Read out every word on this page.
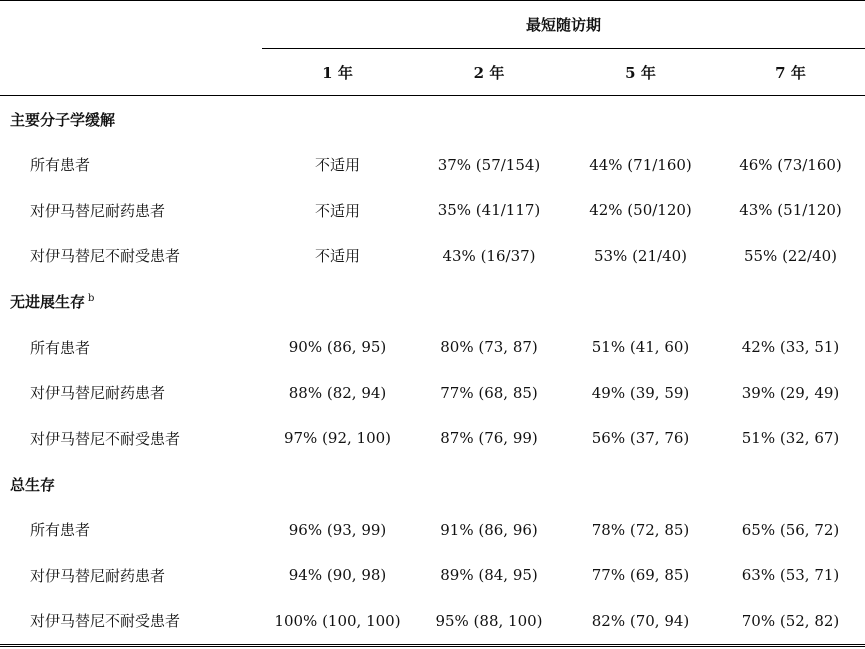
	最短随访期			
	1 年	2 年	5 年	7 年
主要分子学缓解				
所有患者	不适用	37% (57/154)	44% (71/160)	46% (73/160)
对伊马替尼耐药患者	不适用	35% (41/117)	42% (50/120)	43% (51/120)
对伊马替尼不耐受患者	不适用	43% (16/37)	53% (21/40)	55% (22/40)
无进展生存 $^b$				
所有患者	90% (86, 95)	80% (73, 87)	51% (41, 60)	42% (33, 51)
对伊马替尼耐药患者	88% (82, 94)	77% (68, 85)	49% (39, 59)	39% (29, 49)
对伊马替尼不耐受患者	97% (92, 100)	87% (76, 99)	56% (37, 76)	51% (32, 67)
总生存				
所有患者	96% (93, 99)	91% (86, 96)	78% (72, 85)	65% (56, 72)
对伊马替尼耐药患者	94% (90, 98)	89% (84, 95)	77% (69, 85)	63% (53, 71)
对伊马替尼不耐受患者	100% (100, 100)	95% (88, 100)	82% (70, 94)	70% (52, 82)
